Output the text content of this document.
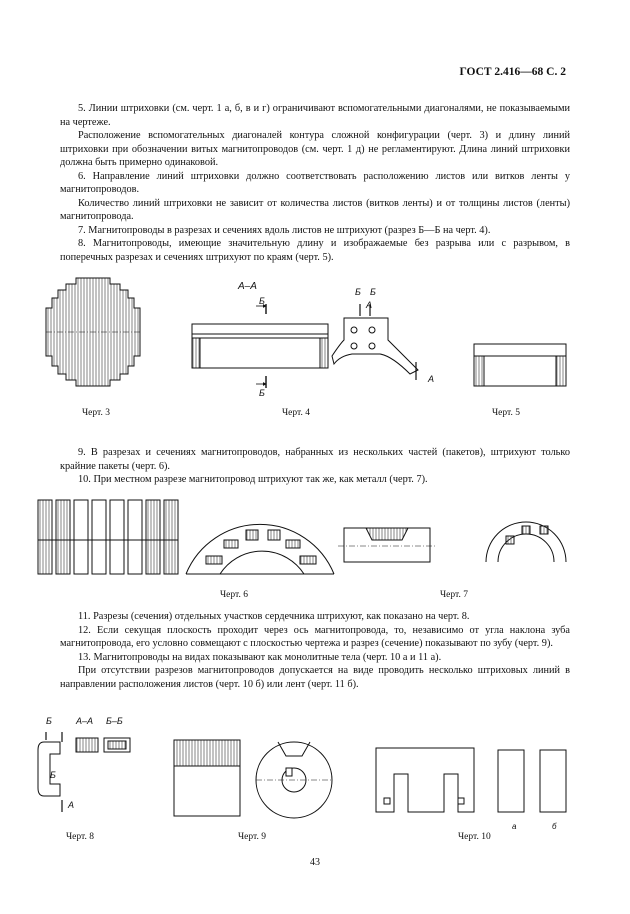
ГОСТ 2.416—68 С. 2

5. Линии штриховки (см. черт. 1 а, б, в и г) ограничивают вспомогательными диагоналями, не показываемыми на чертеже.

Расположение вспомогательных диагоналей контура сложной конфигурации (черт. 3) и длину линий штриховки при обозначении витых магнитопроводов (см. черт. 1 д) не регламентируют. Длина линий штриховки должна быть примерно одинаковой.

6. Направление линий штриховки должно соответствовать расположению листов или витков ленты у магнитопроводов.

Количество линий штриховки не зависит от количества листов (витков ленты) и от толщины листов (ленты) магнитопровода.

7. Магнитопроводы в разрезах и сечениях вдоль листов не штрихуют (разрез Б—Б на черт. 4).

8. Магнитопроводы, имеющие значительную длину и изображаемые без разрыва или с разрывом, в поперечных разрезах и сечениях штрихуют по краям (черт. 5).

Черт. 3
А–А
Б
Б
Б Б
А
А
Черт. 4	Черт. 5

9. В разрезах и сечениях магнитопроводов, набранных из нескольких частей (пакетов), штрихуют только крайние пакеты (черт. 6).

10. При местном разрезе магнитопровод штрихуют так же, как металл (черт. 7).

Черт. 6	Черт. 7

11. Разрезы (сечения) отдельных участков сердечника штрихуют, как показано на черт. 8.

12. Если секущая плоскость проходит через ось магнитопровода, то, независимо от угла наклона зуба магнитопровода, его условно совмещают с плоскостью чертежа и разрез (сечение) показывают по зубу (черт. 9).

13. Магнитопроводы на видах показывают как монолитные тела (черт. 10 а и 11 а).

При отсутствии разрезов магнитопроводов допускается на виде проводить несколько штриховых линий в направлении расположения листов (черт. 10 б) или лент (черт. 11 б).

Б	А–А Б–Б
Б
А
Черт. 8	Черт. 9
а	б
Черт. 10
43
